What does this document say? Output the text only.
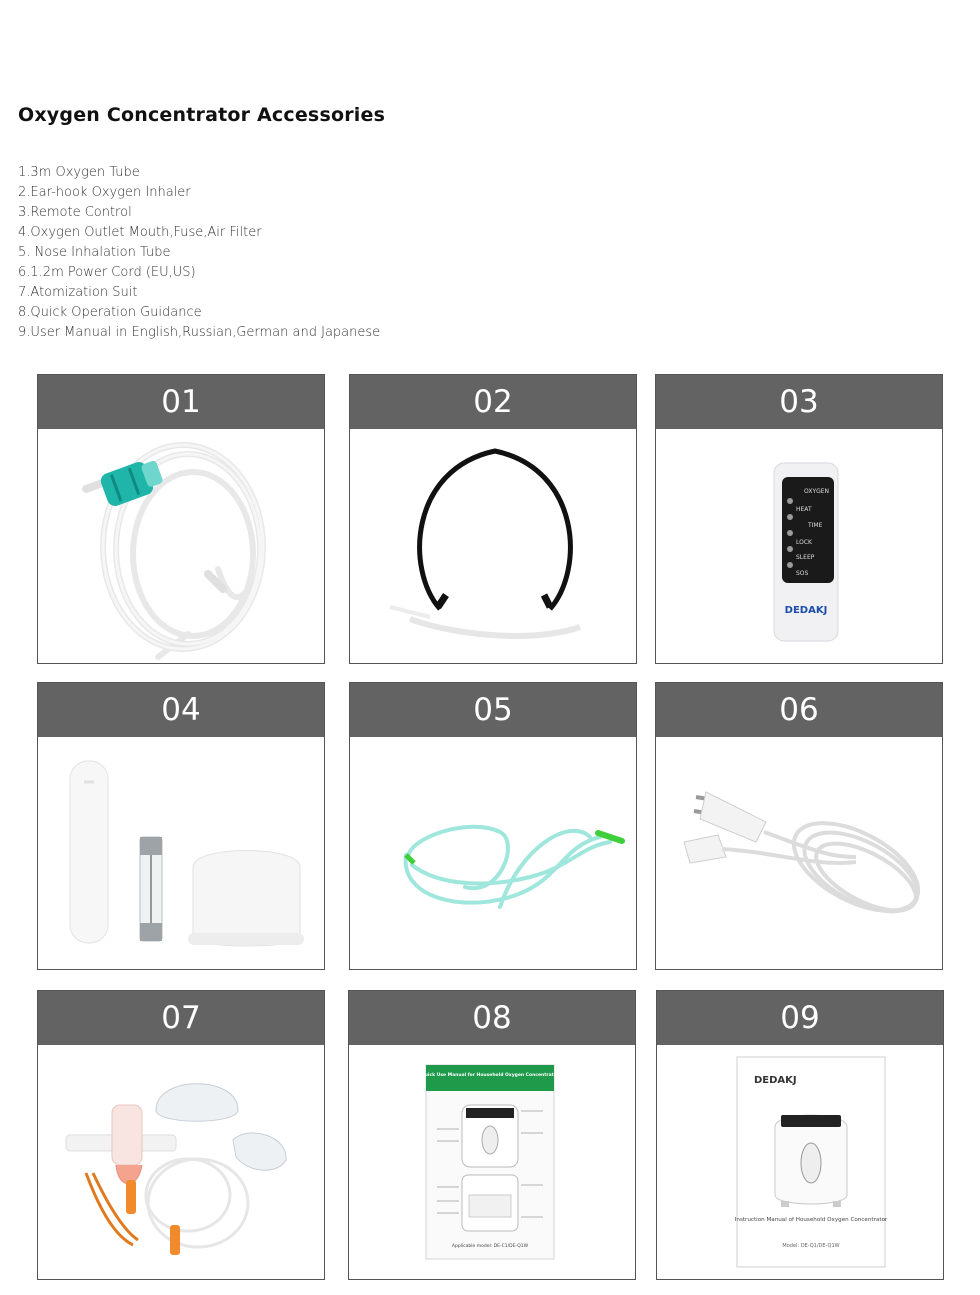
Oxygen Concentrator Accessories
1.3m Oxygen Tube
2.Ear-hook Oxygen Inhaler
3.Remote Control
4.Oxygen Outlet Mouth,Fuse,Air Filter
5. Nose Inhalation Tube
6.1.2m Power Cord (EU,US)
7.Atomization Suit
8.Quick Operation Guidance
9.User Manual in English,Russian,German and Japanese
01	02	03
OXYGEN
HEAT
TIME
LOCK
SLEEP
SOS
DEDAKJ
04	05	06
07	08
Quick Use Manual for Household Oxygen Concentrator
Applicable model: DE-C1/DE-Q1W
09
DEDAKJ
Instruction Manual of Household Oxygen Concentrator
Model: DE-Q1/DE-Q1W
